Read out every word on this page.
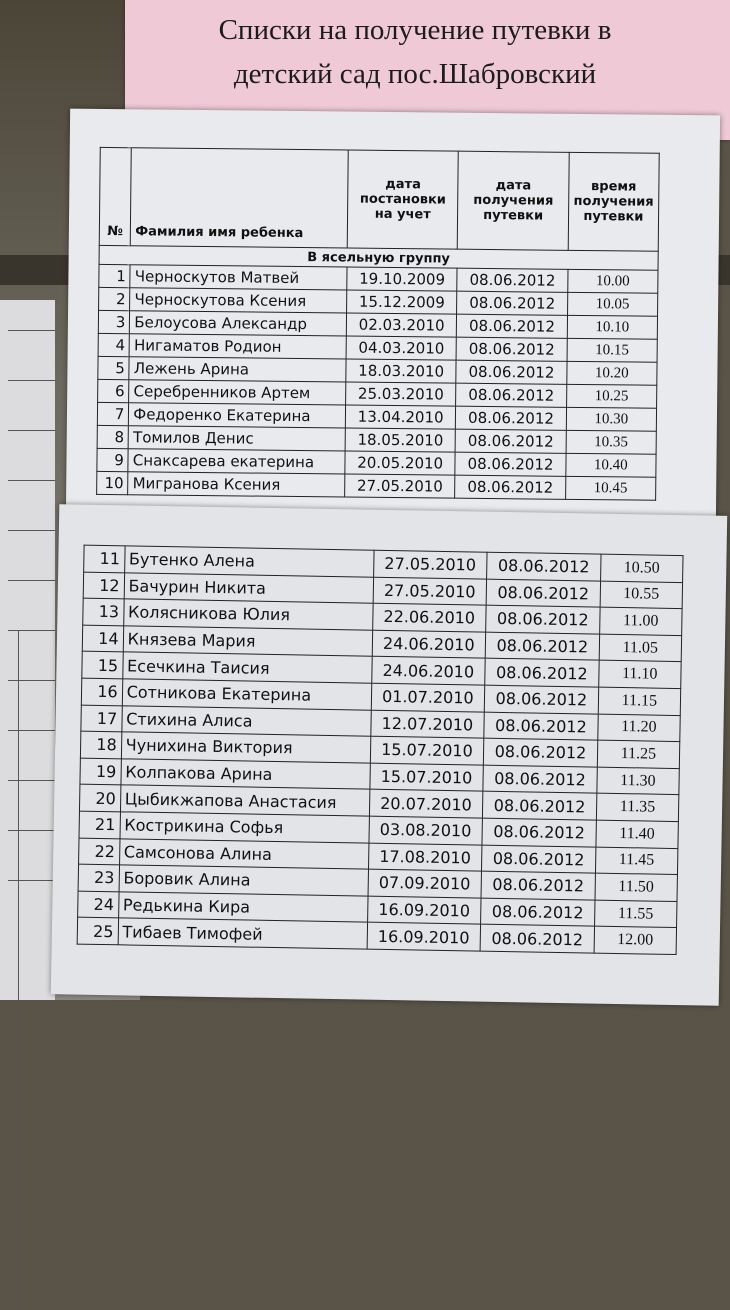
Списки на получение путевки в
детский сад пос.Шабровский
№	Фамилия имя ребенка	дата постановки на учет	дата получения путевки	время получения путевки
В ясельную группу				
1	Черноскутов Матвей	19.10.2009	08.06.2012	10.00
2	Черноскутова Ксения	15.12.2009	08.06.2012	10.05
3	Белоусова Александр	02.03.2010	08.06.2012	10.10
4	Нигаматов Родион	04.03.2010	08.06.2012	10.15
5	Лежень Арина	18.03.2010	08.06.2012	10.20
6	Серебренников Артем	25.03.2010	08.06.2012	10.25
7	Федоренко Екатерина	13.04.2010	08.06.2012	10.30
8	Томилов Денис	18.05.2010	08.06.2012	10.35
9	Снаксарева екатерина	20.05.2010	08.06.2012	10.40
10	Мигранова Ксения	27.05.2010	08.06.2012	10.45
11	Бутенко Алена	27.05.2010	08.06.2012	10.50
12	Бачурин Никита	27.05.2010	08.06.2012	10.55
13	Колясникова Юлия	22.06.2010	08.06.2012	11.00
14	Князева Мария	24.06.2010	08.06.2012	11.05
15	Есечкина Таисия	24.06.2010	08.06.2012	11.10
16	Сотникова Екатерина	01.07.2010	08.06.2012	11.15
17	Стихина Алиса	12.07.2010	08.06.2012	11.20
18	Чунихина Виктория	15.07.2010	08.06.2012	11.25
19	Колпакова Арина	15.07.2010	08.06.2012	11.30
20	Цыбикжапова Анастасия	20.07.2010	08.06.2012	11.35
21	Кострикина Софья	03.08.2010	08.06.2012	11.40
22	Самсонова Алина	17.08.2010	08.06.2012	11.45
23	Боровик Алина	07.09.2010	08.06.2012	11.50
24	Редькина Кира	16.09.2010	08.06.2012	11.55
25	Тибаев Тимофей	16.09.2010	08.06.2012	12.00
